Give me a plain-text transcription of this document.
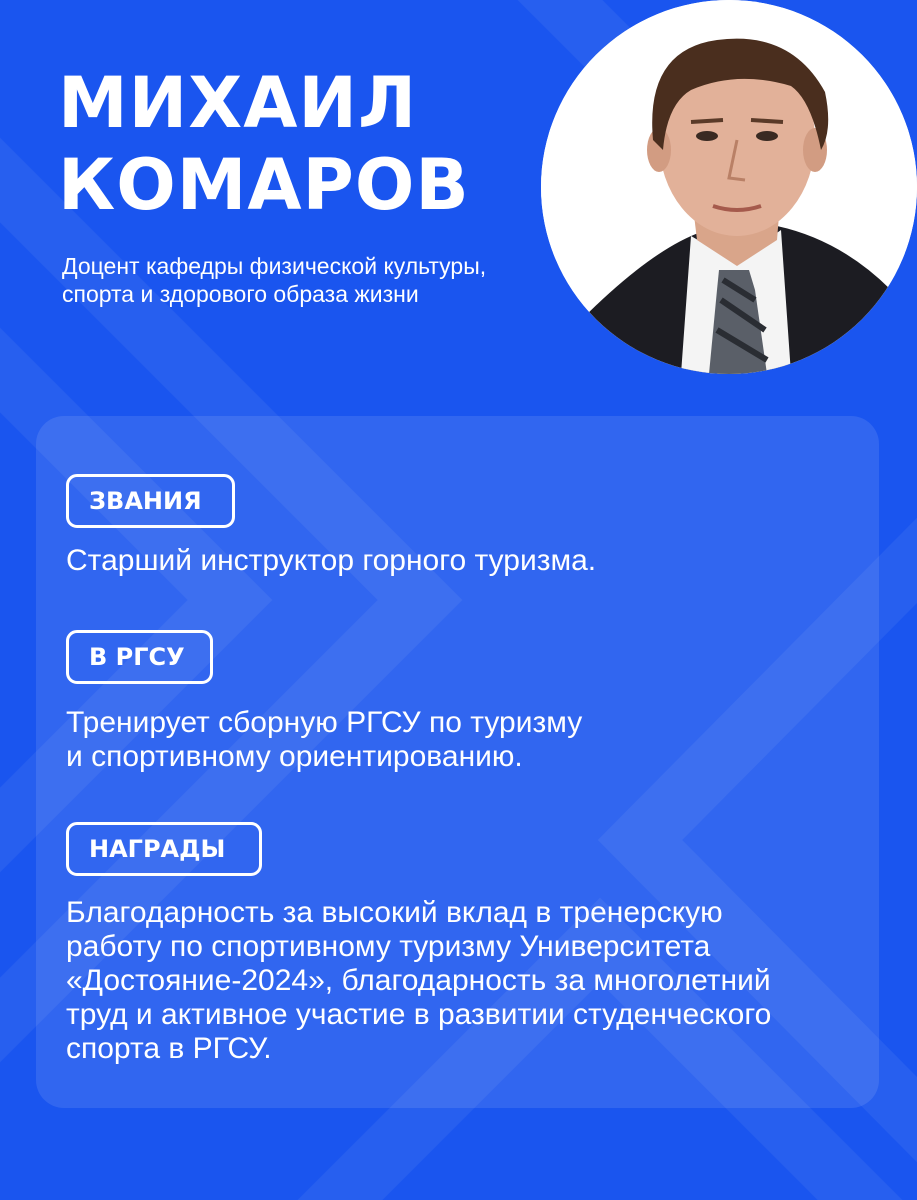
МИХАИЛ
КОМАРОВ
Доцент кафедры физической культуры,
спорта и здорового образа жизни
ЗВАНИЯ
Старший инструктор горного туризма.
В РГСУ
Тренирует сборную РГСУ по туризму
и спортивному ориентированию.
НАГРАДЫ
Благодарность за высокий вклад в тренерскую
работу по спортивному туризму Университета
«Достояние-2024», благодарность за многолетний
труд и активное участие в развитии студенческого
спорта в РГСУ.
